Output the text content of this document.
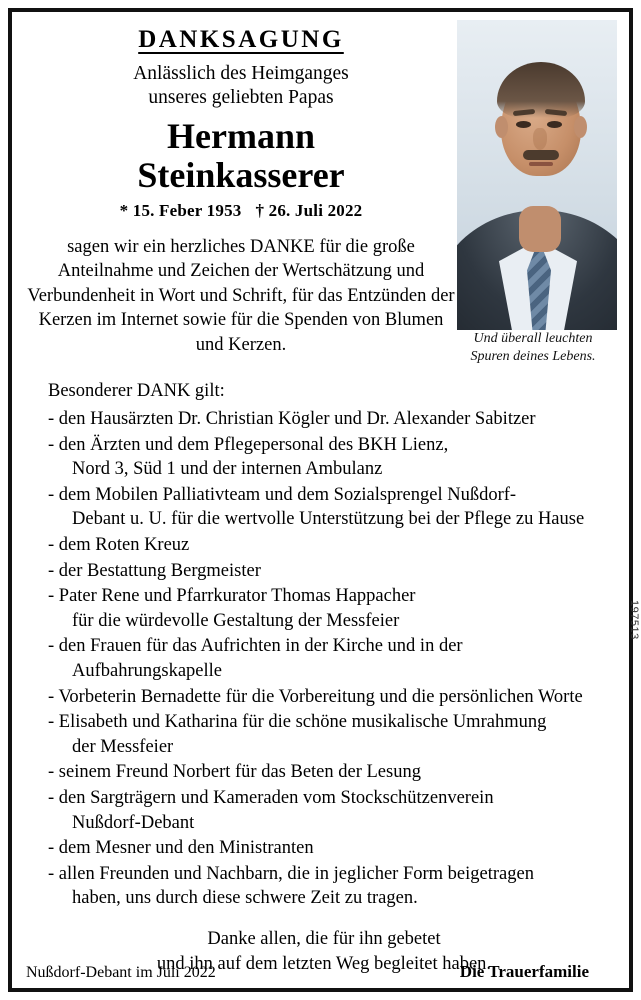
Und überall leuchten
Spuren deines Lebens.
DANKSAGUNG
Anlässlich des Heimganges
unseres geliebten Papas
Hermann
Steinkasserer
* 15. Feber 1953 † 26. Juli 2022
sagen wir ein herzliches DANKE für die große Anteilnahme und Zeichen der Wertschätzung und Verbundenheit in Wort und Schrift, für das Entzünden der Kerzen im Internet sowie für die Spenden von Blumen und Kerzen.
Besonderer DANK gilt:
- den Hausärzten Dr. Christian Kögler und Dr. Alexander Sabitzer
- den Ärzten und dem Pflegepersonal des BKH Lienz,
Nord 3, Süd 1 und der internen Ambulanz
- dem Mobilen Palliativteam und dem Sozialsprengel Nußdorf-
Debant u. U. für die wertvolle Unterstützung bei der Pflege zu Hause
- dem Roten Kreuz
- der Bestattung Bergmeister
- Pater Rene und Pfarrkurator Thomas Happacher
für die würdevolle Gestaltung der Messfeier
- den Frauen für das Aufrichten in der Kirche und in der
Aufbahrungskapelle
- Vorbeterin Bernadette für die Vorbereitung und die persönlichen Worte
- Elisabeth und Katharina für die schöne musikalische Umrahmung
der Messfeier
- seinem Freund Norbert für das Beten der Lesung
- den Sargträgern und Kameraden vom Stockschützenverein
Nußdorf-Debant
- dem Mesner und den Ministranten
- allen Freunden und Nachbarn, die in jeglicher Form beigetragen
haben, uns durch diese schwere Zeit zu tragen.
Danke allen, die für ihn gebetet
und ihn auf dem letzten Weg begleitet haben.
Nußdorf-Debant im Juli 2022	Die Trauerfamilie
197513
